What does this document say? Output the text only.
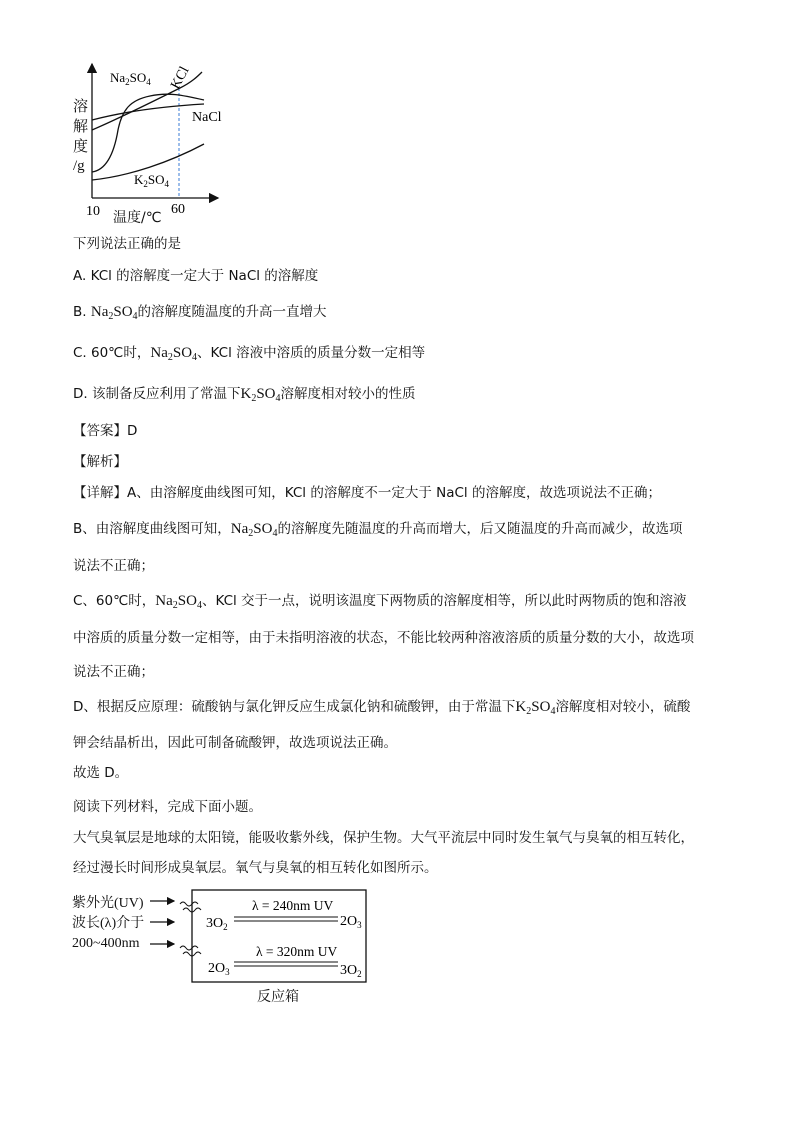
$Na_2SO_4$ KCl
NaCl
$K_2SO_4$
10	60
溶
解
度
/g
温度/℃
下列说法正确的是
A. KCl 的溶解度一定大于 NaCl 的溶解度
B. $Na_2SO_4$的溶解度随温度的升高一直增大
C. 60℃时，$Na_2SO_4$、KCl 溶液中溶质的质量分数一定相等
D. 该制备反应利用了常温下$K_2SO_4$溶解度相对较小的性质
【答案】D
【解析】
【详解】A、由溶解度曲线图可知，KCl 的溶解度不一定大于 NaCl 的溶解度，故选项说法不正确；
B、由溶解度曲线图可知，$Na_2SO_4$的溶解度先随温度的升高而增大，后又随温度的升高而减少，故选项
说法不正确；
C、60℃时，$Na_2SO_4$、KCl 交于一点，说明该温度下两物质的溶解度相等，所以此时两物质的饱和溶液
中溶质的质量分数一定相等，由于未指明溶液的状态，不能比较两种溶液溶质的质量分数的大小，故选项
说法不正确；
D、根据反应原理：硫酸钠与氯化钾反应生成氯化钠和硫酸钾，由于常温下$K_2SO_4$溶解度相对较小，硫酸
钾会结晶析出，因此可制备硫酸钾，故选项说法正确。
故选 D。
阅读下列材料，完成下面小题。
大气臭氧层是地球的太阳镜，能吸收紫外线，保护生物。大气平流层中同时发生氧气与臭氧的相互转化，
经过漫长时间形成臭氧层。氧气与臭氧的相互转化如图所示。
紫外光(UV)
波长(λ)介于
200~400nm
λ = 240nm UV
$3O_2$	$2O_3$
λ = 320nm UV
$2O_3$	$3O_2$
反应箱
